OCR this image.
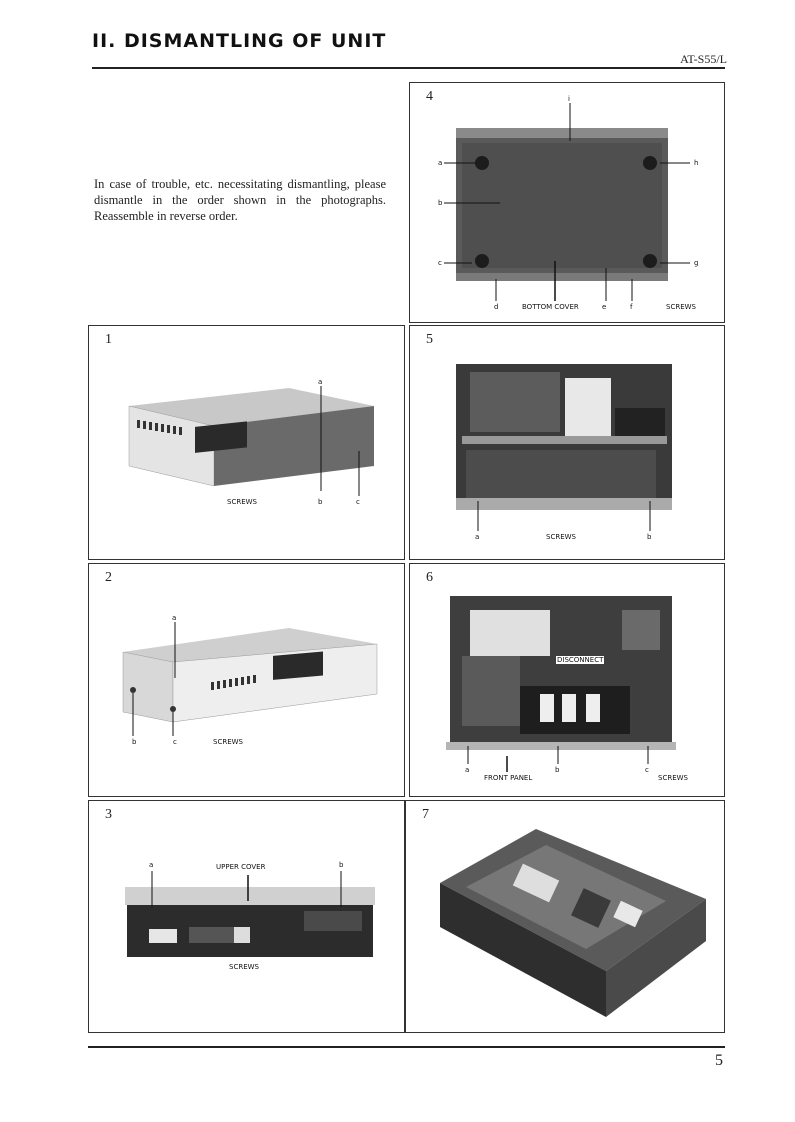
II. DISMANTLING OF UNIT
AT-S55/L
In case of trouble, etc. necessitating dismantling, please dismantle in the order shown in the photographs. Reassemble in reverse order.
4	i
a
b
c
h
g
d	BOTTOM COVER	e	f	SCREWS
1
a
SCREWS	b	c
5
a	SCREWS	b
2
a
b	c	SCREWS
6
DISCONNECT
a	b	c
FRONT PANEL	SCREWS
3
a	UPPER COVER	b
SCREWS
7
5
